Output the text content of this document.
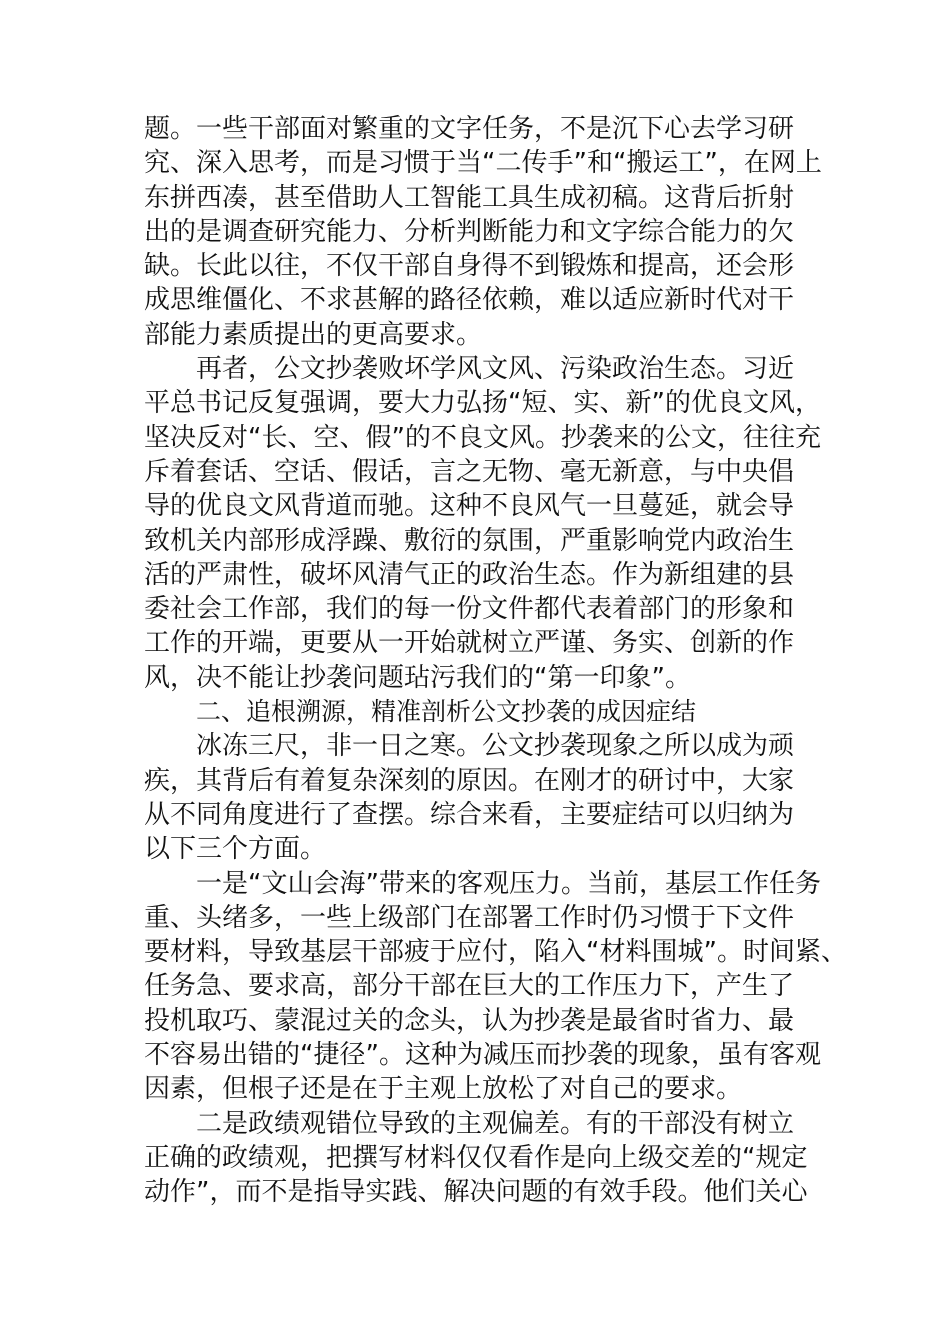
题。一些干部面对繁重的文字任务，不是沉下心去学习研
究、深入思考，而是习惯于当“二传手”和“搬运工”，在网上
东拼西凑，甚至借助人工智能工具生成初稿。这背后折射
出的是调查研究能力、分析判断能力和文字综合能力的欠
缺。长此以往，不仅干部自身得不到锻炼和提高，还会形
成思维僵化、不求甚解的路径依赖，难以适应新时代对干
部能力素质提出的更高要求。

再者，公文抄袭败坏学风文风、污染政治生态。习近
平总书记反复强调，要大力弘扬“短、实、新”的优良文风，
坚决反对“长、空、假”的不良文风。抄袭来的公文，往往充
斥着套话、空话、假话，言之无物、毫无新意，与中央倡
导的优良文风背道而驰。这种不良风气一旦蔓延，就会导
致机关内部形成浮躁、敷衍的氛围，严重影响党内政治生
活的严肃性，破坏风清气正的政治生态。作为新组建的县
委社会工作部，我们的每一份文件都代表着部门的形象和
工作的开端，更要从一开始就树立严谨、务实、创新的作
风，决不能让抄袭问题玷污我们的“第一印象”。

二、追根溯源，精准剖析公文抄袭的成因症结

冰冻三尺，非一日之寒。公文抄袭现象之所以成为顽
疾，其背后有着复杂深刻的原因。在刚才的研讨中，大家
从不同角度进行了查摆。综合来看，主要症结可以归纳为
以下三个方面。

一是“文山会海”带来的客观压力。当前，基层工作任务
重、头绪多，一些上级部门在部署工作时仍习惯于下文件
要材料，导致基层干部疲于应付，陷入“材料围城”。时间紧、
任务急、要求高，部分干部在巨大的工作压力下，产生了
投机取巧、蒙混过关的念头，认为抄袭是最省时省力、最
不容易出错的“捷径”。这种为减压而抄袭的现象，虽有客观
因素，但根子还是在于主观上放松了对自己的要求。

二是政绩观错位导致的主观偏差。有的干部没有树立
正确的政绩观，把撰写材料仅仅看作是向上级交差的“规定
动作”，而不是指导实践、解决问题的有效手段。他们关心
